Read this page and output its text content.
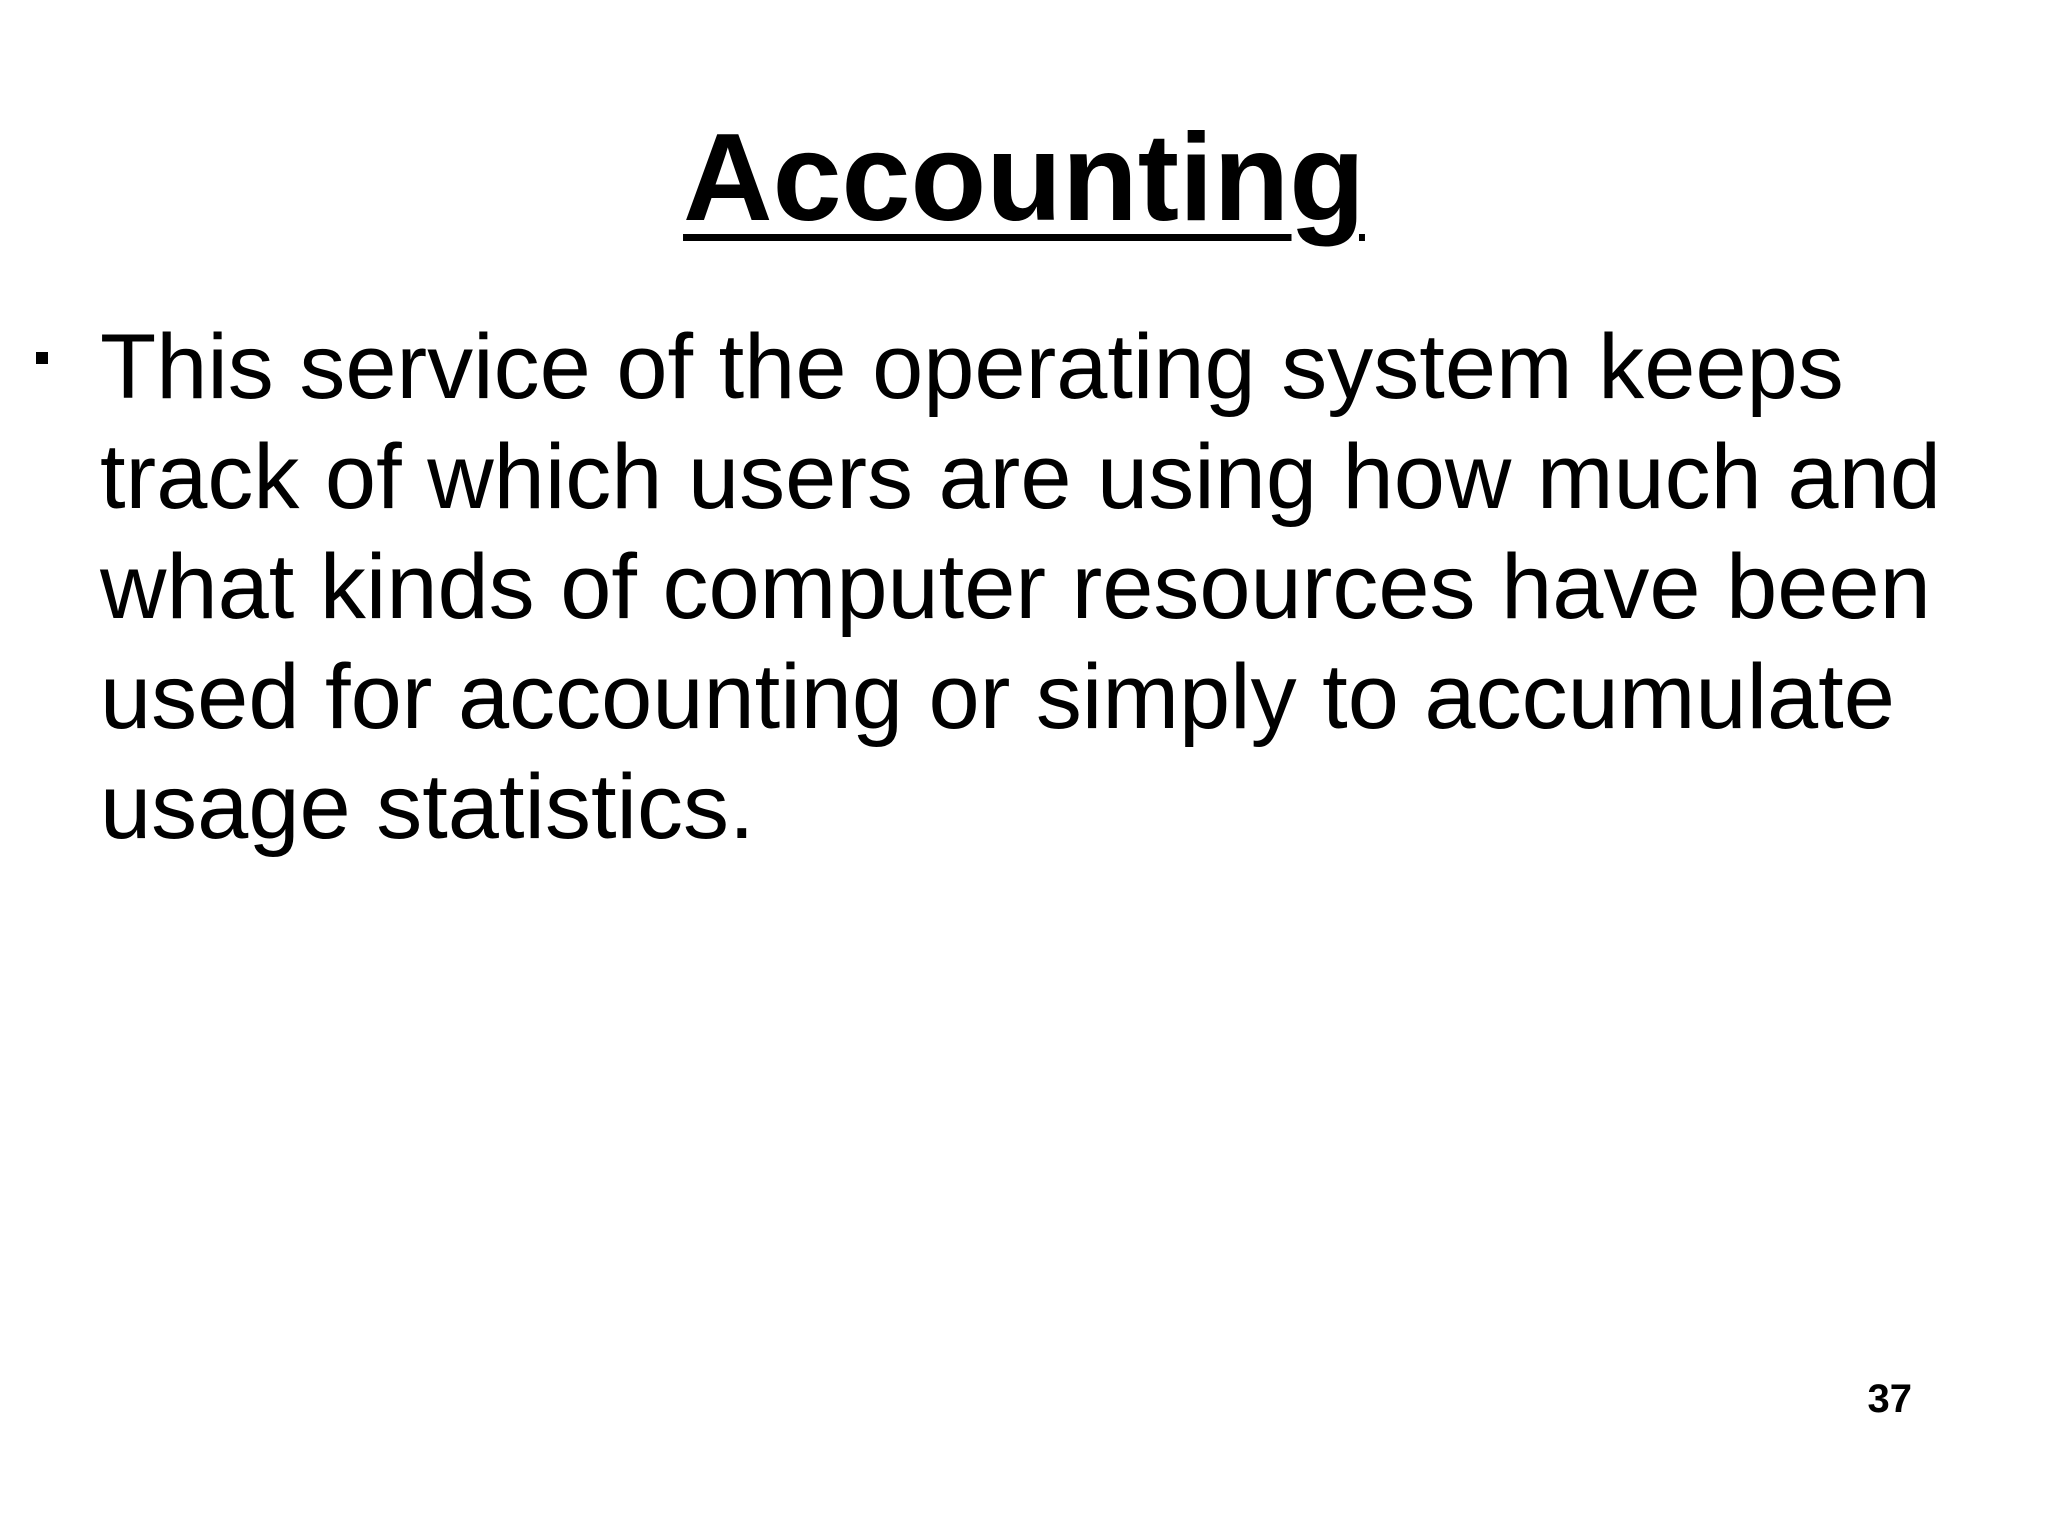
Accounting
This service of the operating system keeps
track of which users are using how much and
what kinds of computer resources have been
used for accounting or simply to accumulate
usage statistics.
37
